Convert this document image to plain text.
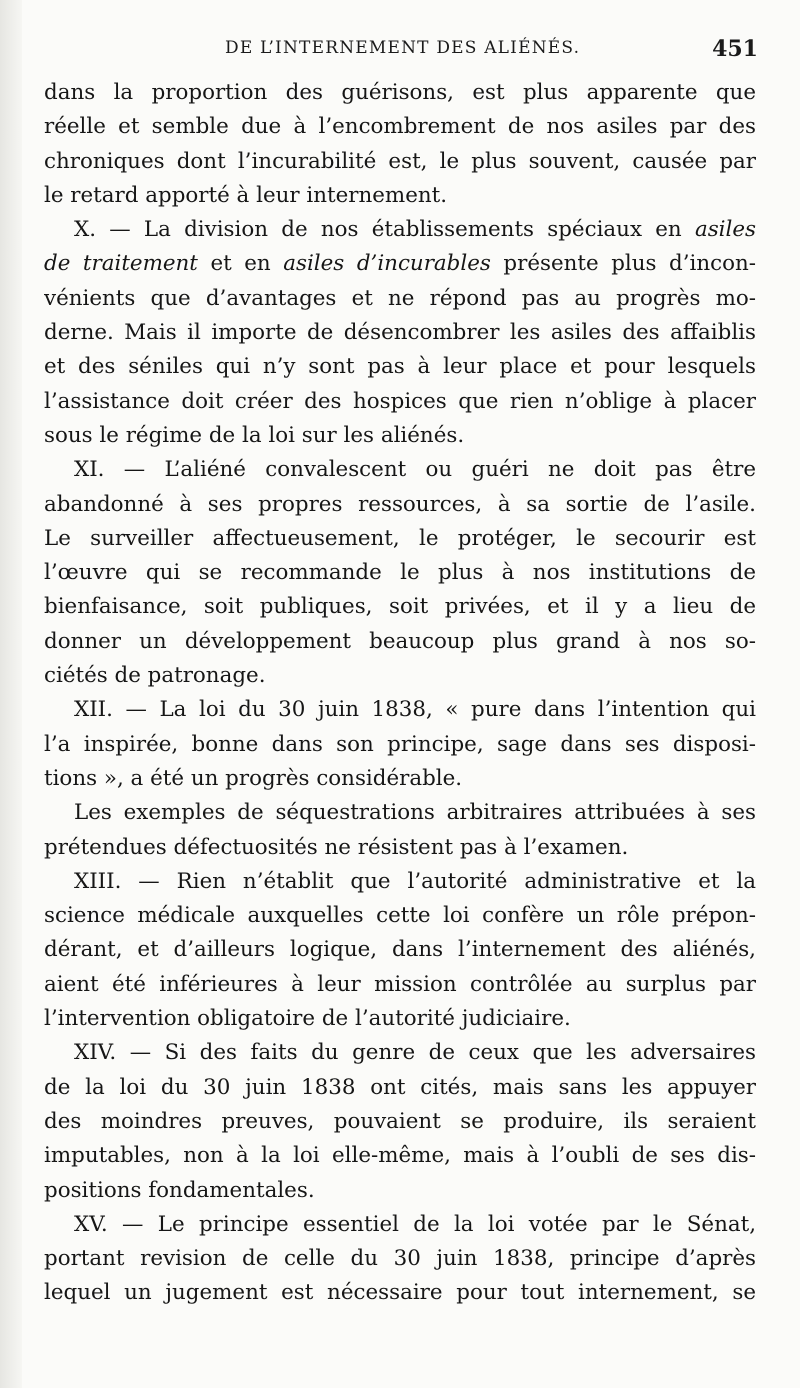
DE L’INTERNEMENT DES ALIÉNÉS.	451
dans la proportion des guérisons, est plus apparente que
réelle et semble due à l’encombrement de nos asiles par des
chroniques dont l’incurabilité est, le plus souvent, causée par
le retard apporté à leur internement.
X. — La division de nos établissements spéciaux en asiles
de traitement et en asiles d’incurables présente plus d’incon-
vénients que d’avantages et ne répond pas au progrès mo-
derne. Mais il importe de désencombrer les asiles des affaiblis
et des séniles qui n’y sont pas à leur place et pour lesquels
l’assistance doit créer des hospices que rien n’oblige à placer
sous le régime de la loi sur les aliénés.
XI. — L’aliéné convalescent ou guéri ne doit pas être
abandonné à ses propres ressources, à sa sortie de l’asile.
Le surveiller affectueusement, le protéger, le secourir est
l’œuvre qui se recommande le plus à nos institutions de
bienfaisance, soit publiques, soit privées, et il y a lieu de
donner un développement beaucoup plus grand à nos so-
ciétés de patronage.
XII. — La loi du 30 juin 1838, « pure dans l’intention qui
l’a inspirée, bonne dans son principe, sage dans ses disposi-
tions », a été un progrès considérable.
Les exemples de séquestrations arbitraires attribuées à ses
prétendues défectuosités ne résistent pas à l’examen.
XIII. — Rien n’établit que l’autorité administrative et la
science médicale auxquelles cette loi confère un rôle prépon-
dérant, et d’ailleurs logique, dans l’internement des aliénés,
aient été inférieures à leur mission contrôlée au surplus par
l’intervention obligatoire de l’autorité judiciaire.
XIV. — Si des faits du genre de ceux que les adversaires
de la loi du 30 juin 1838 ont cités, mais sans les appuyer
des moindres preuves, pouvaient se produire, ils seraient
imputables, non à la loi elle-même, mais à l’oubli de ses dis-
positions fondamentales.
XV. — Le principe essentiel de la loi votée par le Sénat,
portant revision de celle du 30 juin 1838, principe d’après
lequel un jugement est nécessaire pour tout internement, se
